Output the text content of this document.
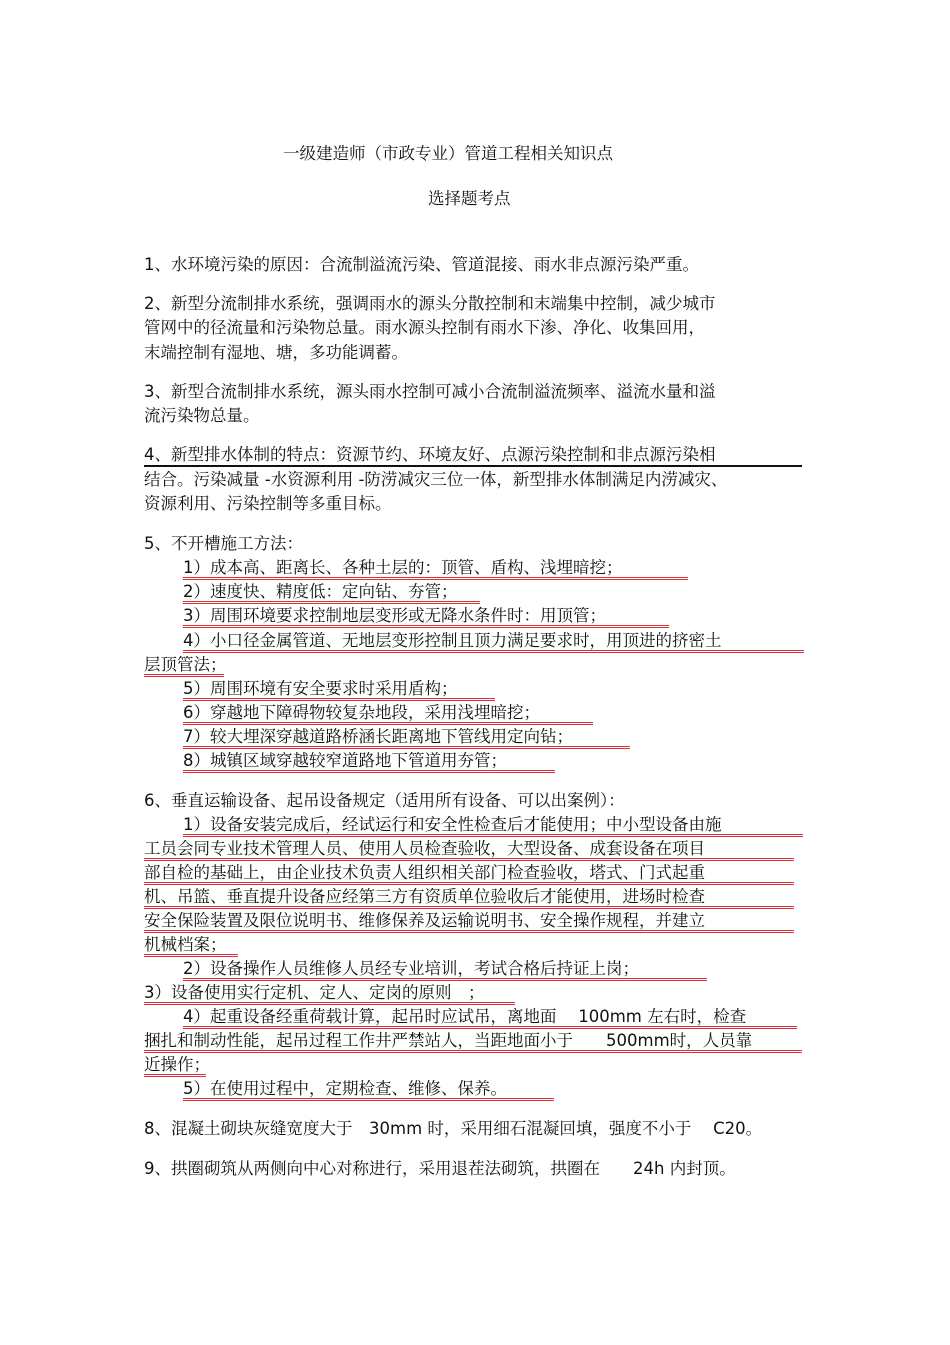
一级建造师（市政专业）管道工程相关知识点
选择题考点
1、水环境污染的原因：合流制溢流污染、管道混接、雨水非点源污染严重。
2、新型分流制排水系统，强调雨水的源头分散控制和末端集中控制，减少城市
管网中的径流量和污染物总量。雨水源头控制有雨水下渗、净化、收集回用，
末端控制有湿地、塘，多功能调蓄。
3、新型合流制排水系统，源头雨水控制可减小合流制溢流频率、溢流水量和溢
流污染物总量。
4、新型排水体制的特点：资源节约、环境友好、点源污染控制和非点源污染相
结合。污染减量 -水资源利用 -防涝减灾三位一体，新型排水体制满足内涝减灾、
资源利用、污染控制等多重目标。
5、不开槽施工方法：
1）成本高、距离长、各种土层的：顶管、盾构、浅埋暗挖；
2）速度快、精度低：定向钻、夯管；
3）周围环境要求控制地层变形或无降水条件时：用顶管；
4）小口径金属管道、无地层变形控制且顶力满足要求时，用顶进的挤密土
层顶管法；
5）周围环境有安全要求时采用盾构；
6）穿越地下障碍物较复杂地段，采用浅埋暗挖；
7）较大埋深穿越道路桥涵长距离地下管线用定向钻；
8）城镇区域穿越较窄道路地下管道用夯管；
6、垂直运输设备、起吊设备规定（适用所有设备、可以出案例）：
1）设备安装完成后，经试运行和安全性检查后才能使用；中小型设备由施
工员会同专业技术管理人员、使用人员检查验收，大型设备、成套设备在项目
部自检的基础上，由企业技术负责人组织相关部门检查验收，塔式、门式起重
机、吊篮、垂直提升设备应经第三方有资质单位验收后才能使用，进场时检查
安全保险装置及限位说明书、维修保养及运输说明书、安全操作规程，并建立
机械档案；
2）设备操作人员维修人员经专业培训，考试合格后持证上岗；
3）设备使用实行定机、定人、定岗的原则　；
4）起重设备经重荷载计算，起吊时应试吊，离地面　 100mm 左右时，检查
捆扎和制动性能，起吊过程工作井严禁站人，当距地面小于　　500mm时，人员靠
近操作；
5）在使用过程中，定期检查、维修、保养。
8、混凝土砌块灰缝宽度大于　30mm 时，采用细石混凝回填，强度不小于　 C20。
9、拱圈砌筑从两侧向中心对称进行，采用退茬法砌筑，拱圈在　　24h 内封顶。
